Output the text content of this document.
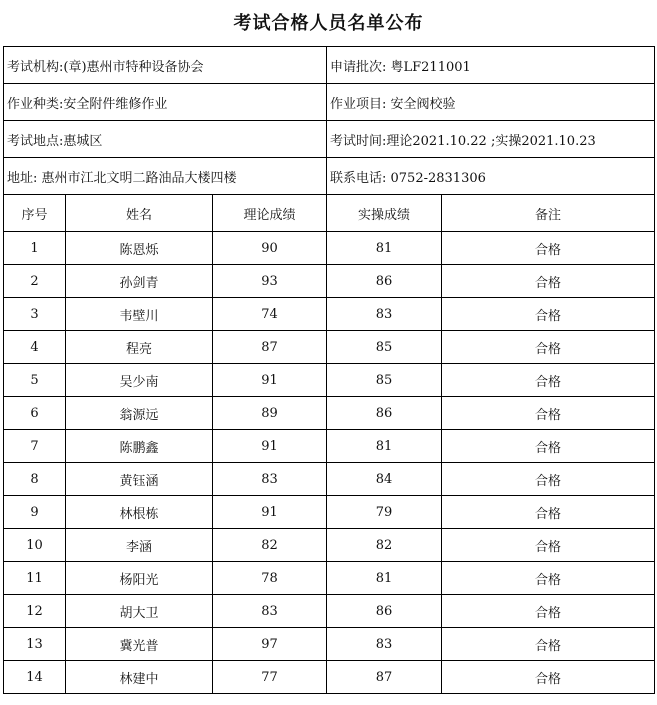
考试合格人员名单公布
考试机构:(章)惠州市特种设备协会			申请批次: 粤LF211001	
作业种类:安全附件维修作业			作业项目: 安全阀校验	
考试地点:惠城区			考试时间:理论2021.10.22 ;实操2021.10.23	
地址: 惠州市江北文明二路油品大楼四楼			联系电话: 0752-2831306	
序号	姓名	理论成绩	实操成绩	备注
1	陈恩烁	90	81	合格
2	孙剑青	93	86	合格
3	韦壁川	74	83	合格
4	程亮	87	85	合格
5	吴少南	91	85	合格
6	翁源远	89	86	合格
7	陈鹏鑫	91	81	合格
8	黄钰涵	83	84	合格
9	林根栋	91	79	合格
10	李涵	82	82	合格
11	杨阳光	78	81	合格
12	胡大卫	83	86	合格
13	冀光普	97	83	合格
14	林建中	77	87	合格
